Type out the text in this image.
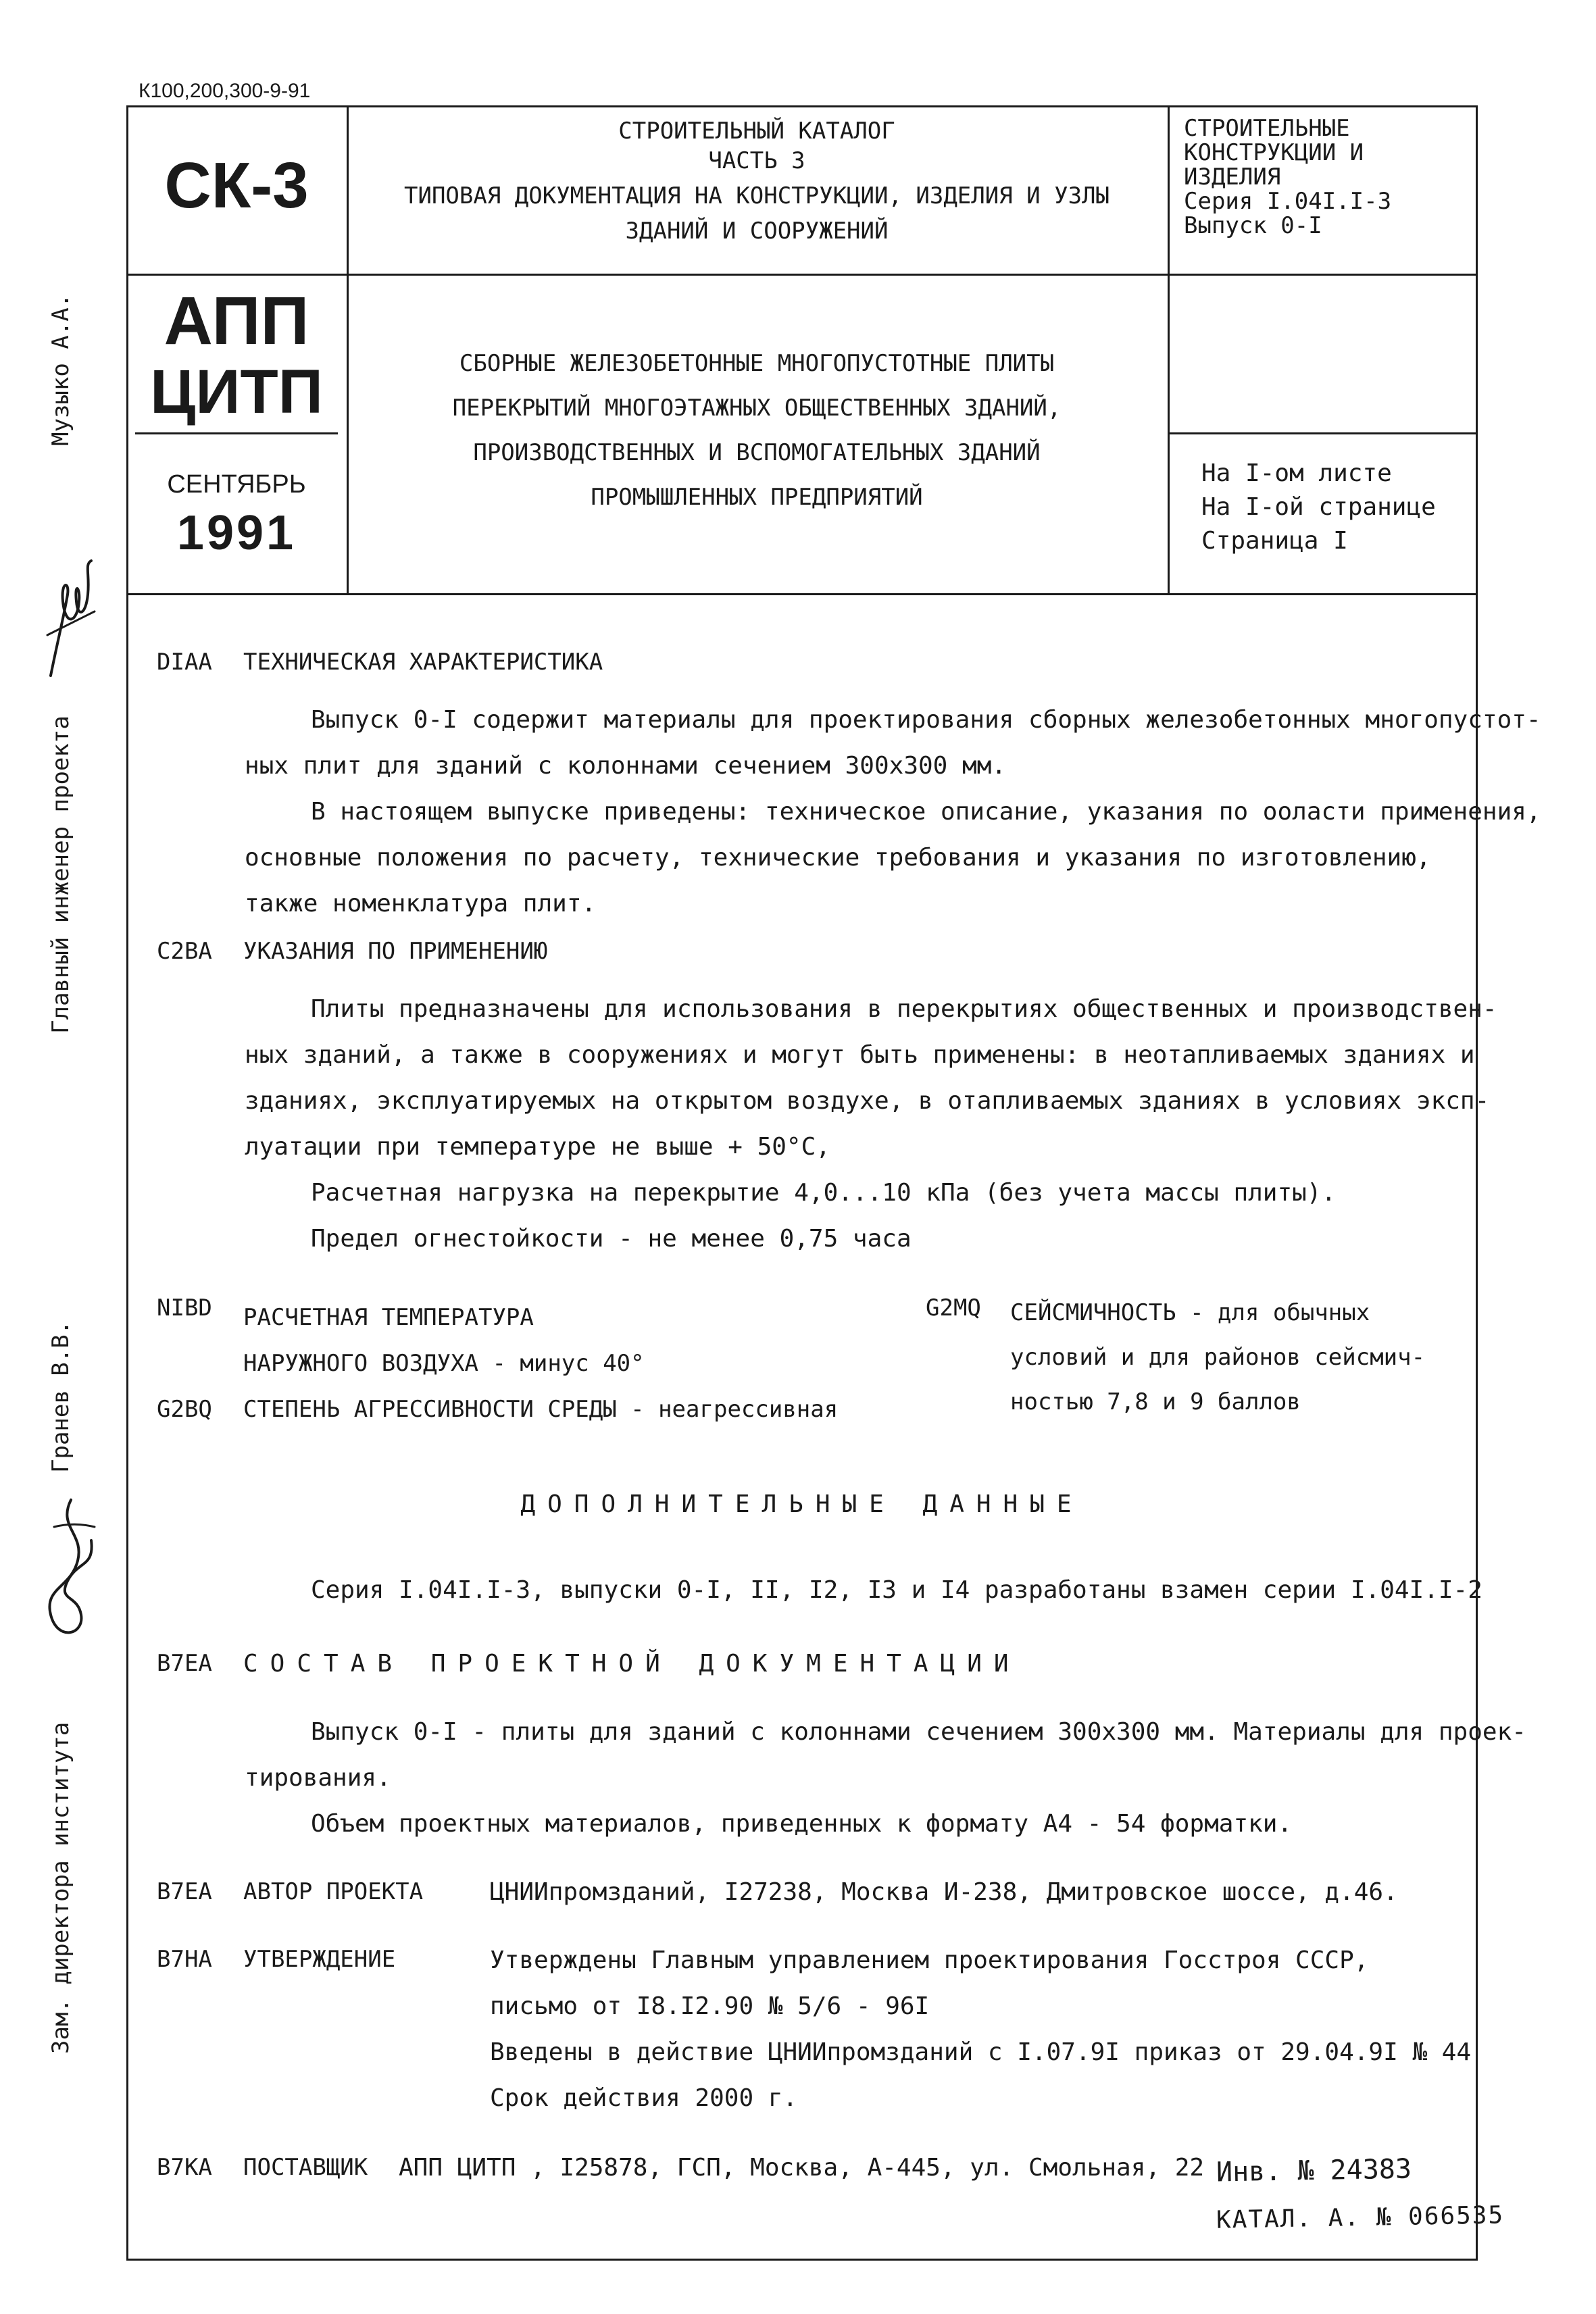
К100,200,300-9-91
СК-3
СТРОИТЕЛЬНЫЙ КАТАЛОГ
ЧАСТЬ 3
ТИПОВАЯ ДОКУМЕНТАЦИЯ НА КОНСТРУКЦИИ, ИЗДЕЛИЯ И УЗЛЫ
ЗДАНИЙ И СООРУЖЕНИЙ
СТРОИТЕЛЬНЫЕ
КОНСТРУКЦИИ И
ИЗДЕЛИЯ
Серия I.04I.I-3
Выпуск 0-I
АПП
ЦИТП
СЕНТЯБРЬ
1991
СБОРНЫЕ ЖЕЛЕЗОБЕТОННЫЕ МНОГОПУСТОТНЫЕ ПЛИТЫ
ПЕРЕКРЫТИЙ МНОГОЭТАЖНЫХ ОБЩЕСТВЕННЫХ ЗДАНИЙ,
ПРОИЗВОДСТВЕННЫХ И ВСПОМОГАТЕЛЬНЫХ ЗДАНИЙ
ПРОМЫШЛЕННЫХ ПРЕДПРИЯТИЙ
На I-ом листе
На I-ой странице
Страница I
Музыко А.А.
Главный инженер проекта
Гранев В.В.
Зам. директора института
DIAA ТЕХНИЧЕСКАЯ ХАРАКТЕРИСТИКА
Выпуск 0-I содержит материалы для проектирования сборных железобетонных многопустот-
ных плит для зданий с колоннами сечением 300х300 мм.
В настоящем выпуске приведены: техническое описание, указания по ооласти применения,
основные положения по расчету, технические требования и указания по изготовлению,
также номенклатура плит.
C2BA УКАЗАНИЯ ПО ПРИМЕНЕНИЮ
Плиты предназначены для использования в перекрытиях общественных и производствен-
ных зданий, а также в сооружениях и могут быть применены: в неотапливаемых зданиях и
зданиях, эксплуатируемых на открытом воздухе, в отапливаемых зданиях в условиях эксп-
луатации при температуре не выше + 50°С,
Расчетная нагрузка на перекрытие 4,0...10 кПа (без учета массы плиты).
Предел огнестойкости - не менее 0,75 часа
NIBD РАСЧЕТНАЯ ТЕМПЕРАТУРА
НАРУЖНОГО ВОЗДУХА - минус 40°
G2BQ СТЕПЕНЬ АГРЕССИВНОСТИ СРЕДЫ - неагрессивная
G2MQ СЕЙСМИЧНОСТЬ - для обычных
условий и для районов сейсмич-
ностью 7,8 и 9 баллов
ДОПОЛНИТЕЛЬНЫЕ ДАННЫЕ
Серия I.04I.I-3, выпуски 0-I, II, I2, I3 и I4 разработаны взамен серии I.04I.I-2
B7EA СОСТАВ ПРОЕКТНОЙ ДОКУМЕНТАЦИИ
Выпуск 0-I - плиты для зданий с колоннами сечением 300х300 мм. Материалы для проек-
тирования.
Объем проектных материалов, приведенных к формату А4 - 54 форматки.
B7EA АВТОР ПРОЕКТА	ЦНИИпромзданий, I27238, Москва И-238, Дмитровское шоссе, д.46.
B7HA УТВЕРЖДЕНИЕ	Утверждены Главным управлением проектирования Госстроя СССР,
письмо от I8.I2.90 № 5/6 - 96I
Введены в действие ЦНИИпромзданий с I.07.9I приказ от 29.04.9I № 44
Срок действия 2000 г.
B7KA ПОСТАВЩИК АПП ЦИТП , I25878, ГСП, Москва, А-445, ул. Смольная, 22 Инв. № 24383
КАТАЛ. А. № 066535
